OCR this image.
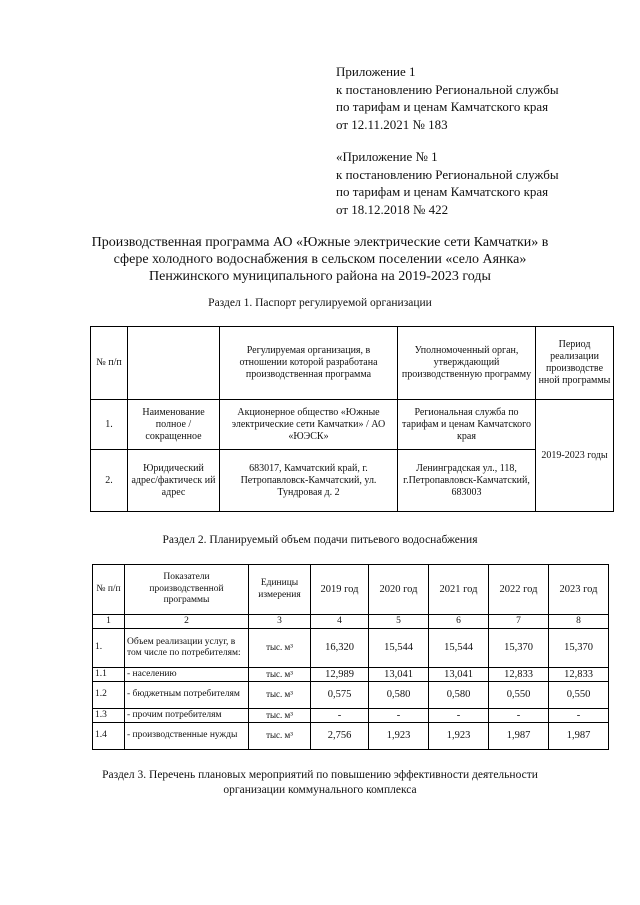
Приложение 1
к постановлению Региональной службы
по тарифам и ценам Камчатского края
от 12.11.2021 № 183
«Приложение № 1
к постановлению Региональной службы
по тарифам и ценам Камчатского края
от 18.12.2018 № 422
Производственная программа АО «Южные электрические сети Камчатки» в
сфере холодного водоснабжения в сельском поселении «село Аянка»
Пенжинского муниципального района на 2019-2023 годы
Раздел 1. Паспорт регулируемой организации
№ п/п		Регулируемая организация, в отношении которой разработана производственная программа	Уполномоченный орган, утверждающий производственную программу	Период реализации производстве нной программы
1.	Наименование полное / сокращенное	Акционерное общество «Южные электрические сети Камчатки» / АО «ЮЭСК»	Региональная служба по тарифам и ценам Камчатского края	2019-2023 годы
2.	Юридический адрес/фактическ ий адрес	683017, Камчатский край, г. Петропавловск-Камчатский, ул. Тундровая д. 2	Ленинградская ул., 118, г.Петропавловск-Камчатский, 683003	
Раздел 2. Планируемый объем подачи питьевого водоснабжения
№ п/п	Показатели производственной программы	Единицы измерения	2019 год	2020 год	2021 год	2022 год	2023 год
1	2	3	4	5	6	7	8
1.	Объем реализации услуг, в том числе по потребителям:	тыс. м³	16,320	15,544	15,544	15,370	15,370
1.1	- населению	тыс. м³	12,989	13,041	13,041	12,833	12,833
1.2	- бюджетным потребителям	тыс. м³	0,575	0,580	0,580	0,550	0,550
1.3	- прочим потребителям	тыс. м³	-	-	-	-	-
1.4	- производственные нужды	тыс. м³	2,756	1,923	1,923	1,987	1,987
Раздел 3. Перечень плановых мероприятий по повышению эффективности деятельности
организации коммунального комплекса
